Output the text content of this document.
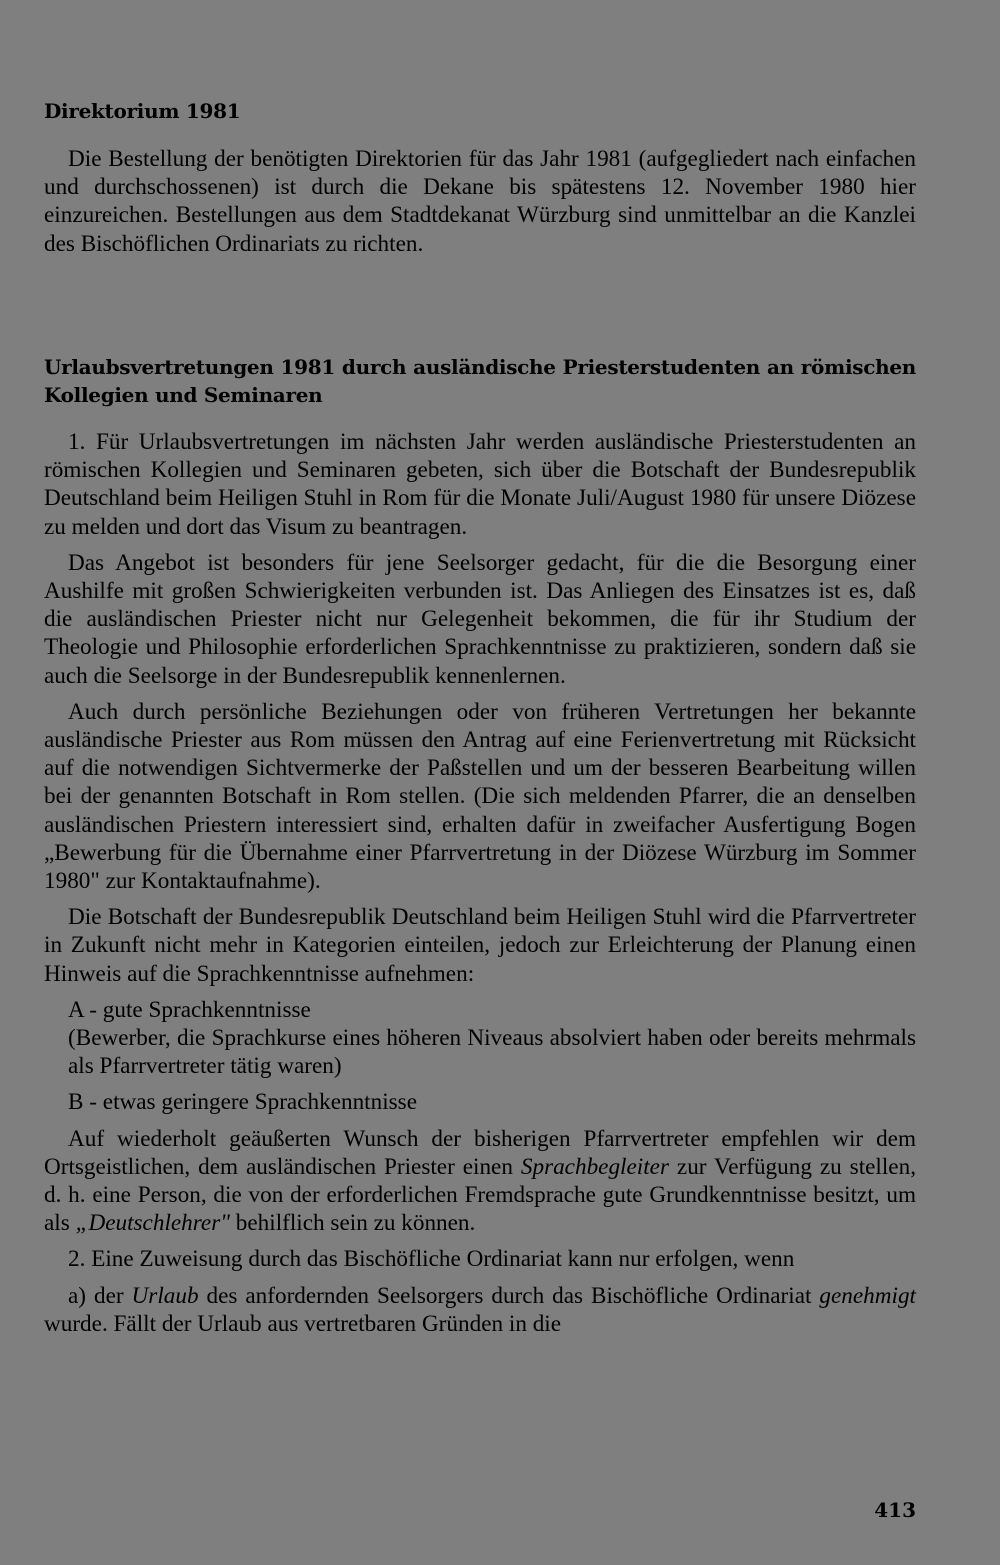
Direktorium 1981

Die Bestellung der benötigten Direktorien für das Jahr 1981 (aufgegliedert nach einfachen und durchschossenen) ist durch die Dekane bis spätestens 12. November 1980 hier einzureichen. Bestellungen aus dem Stadtdekanat Würzburg sind unmittelbar an die Kanzlei des Bischöflichen Ordinariats zu richten.

Urlaubsvertretungen 1981 durch ausländische Priesterstudenten an römischen Kollegien und Seminaren

1. Für Urlaubsvertretungen im nächsten Jahr werden ausländische Priesterstudenten an römischen Kollegien und Seminaren gebeten, sich über die Botschaft der Bundesrepublik Deutschland beim Heiligen Stuhl in Rom für die Monate Juli/August 1980 für unsere Diözese zu melden und dort das Visum zu beantragen.

Das Angebot ist besonders für jene Seelsorger gedacht, für die die Besorgung einer Aushilfe mit großen Schwierigkeiten verbunden ist. Das Anliegen des Einsatzes ist es, daß die ausländischen Priester nicht nur Gelegenheit bekommen, die für ihr Studium der Theologie und Philosophie erforderlichen Sprachkenntnisse zu praktizieren, sondern daß sie auch die Seelsorge in der Bundesrepublik kennenlernen.

Auch durch persönliche Beziehungen oder von früheren Vertretungen her bekannte ausländische Priester aus Rom müssen den Antrag auf eine Ferienvertretung mit Rücksicht auf die notwendigen Sichtvermerke der Paßstellen und um der besseren Bearbeitung willen bei der genannten Botschaft in Rom stellen. (Die sich meldenden Pfarrer, die an denselben ausländischen Priestern interessiert sind, erhalten dafür in zweifacher Ausfertigung Bogen „Bewerbung für die Übernahme einer Pfarrvertretung in der Diözese Würzburg im Sommer 1980" zur Kontaktaufnahme).

Die Botschaft der Bundesrepublik Deutschland beim Heiligen Stuhl wird die Pfarrvertreter in Zukunft nicht mehr in Kategorien einteilen, jedoch zur Erleichterung der Planung einen Hinweis auf die Sprachkenntnisse aufnehmen:

A - gute Sprachkenntnisse

(Bewerber, die Sprachkurse eines höheren Niveaus absolviert haben oder bereits mehrmals als Pfarrvertreter tätig waren)

B - etwas geringere Sprachkenntnisse

Auf wiederholt geäußerten Wunsch der bisherigen Pfarrvertreter empfehlen wir dem Ortsgeistlichen, dem ausländischen Priester einen Sprachbegleiter zur Verfügung zu stellen, d. h. eine Person, die von der erforderlichen Fremdsprache gute Grundkenntnisse besitzt, um als „Deutschlehrer" behilflich sein zu können.

2. Eine Zuweisung durch das Bischöfliche Ordinariat kann nur erfolgen, wenn

a) der Urlaub des anfordernden Seelsorgers durch das Bischöfliche Ordinariat genehmigt wurde. Fällt der Urlaub aus vertretbaren Gründen in die

413
